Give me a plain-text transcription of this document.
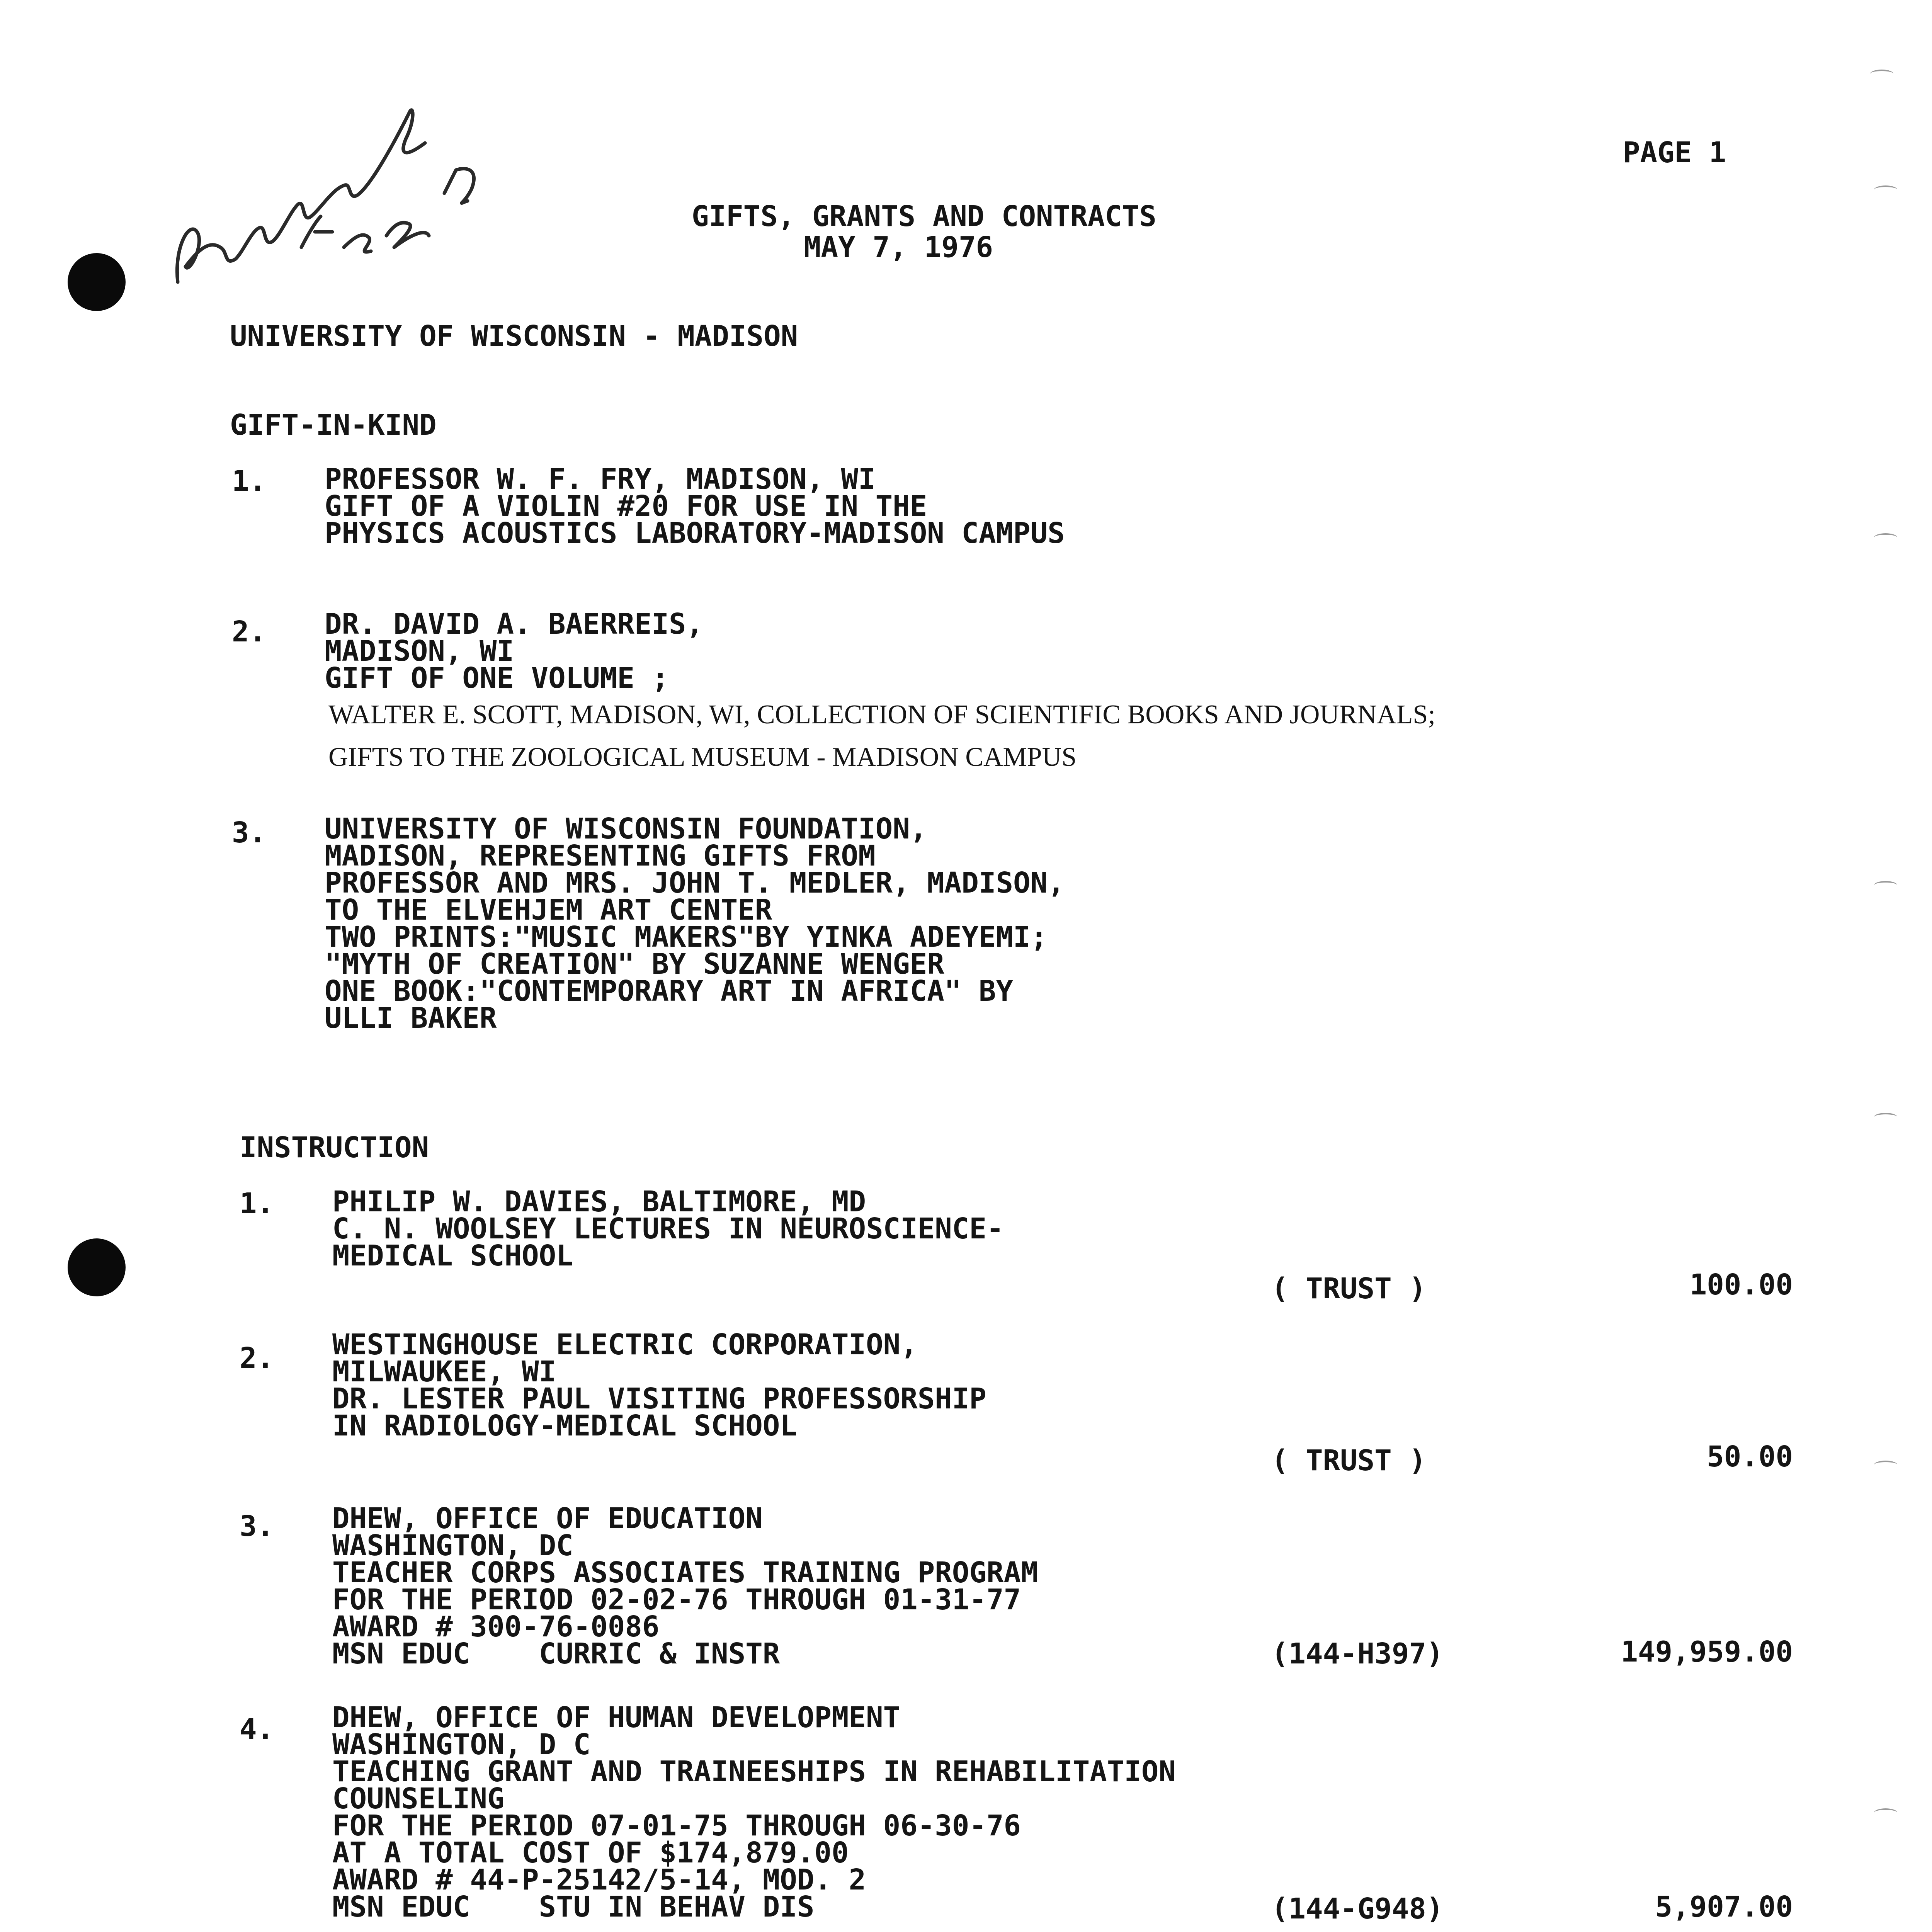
PAGE 1
GIFTS, GRANTS AND CONTRACTS
MAY 7, 1976
UNIVERSITY OF WISCONSIN - MADISON
GIFT-IN-KIND
1. PROFESSOR W. F. FRY, MADISON, WI
GIFT OF A VIOLIN #20 FOR USE IN THE
PHYSICS ACOUSTICS LABORATORY-MADISON CAMPUS
2. DR. DAVID A. BAERREIS,
MADISON, WI
GIFT OF ONE VOLUME ;
WALTER E. SCOTT, MADISON, WI, COLLECTION OF SCIENTIFIC BOOKS AND JOURNALS;
GIFTS TO THE ZOOLOGICAL MUSEUM - MADISON CAMPUS
3. UNIVERSITY OF WISCONSIN FOUNDATION,
MADISON, REPRESENTING GIFTS FROM
PROFESSOR AND MRS. JOHN T. MEDLER, MADISON,
TO THE ELVEHJEM ART CENTER
TWO PRINTS:"MUSIC MAKERS"BY YINKA ADEYEMI;
"MYTH OF CREATION" BY SUZANNE WENGER
ONE BOOK:"CONTEMPORARY ART IN AFRICA" BY
ULLI BAKER
INSTRUCTION
1. PHILIP W. DAVIES, BALTIMORE, MD
C. N. WOOLSEY LECTURES IN NEUROSCIENCE-
MEDICAL SCHOOL
( TRUST )	100.00
2. WESTINGHOUSE ELECTRIC CORPORATION,
MILWAUKEE, WI
DR. LESTER PAUL VISITING PROFESSORSHIP
IN RADIOLOGY-MEDICAL SCHOOL
( TRUST )	50.00
3. DHEW, OFFICE OF EDUCATION
WASHINGTON, DC
TEACHER CORPS ASSOCIATES TRAINING PROGRAM
FOR THE PERIOD 02-02-76 THROUGH 01-31-77
AWARD # 300-76-0086
MSN EDUC    CURRIC & INSTR	(144-H397)	149,959.00
4. DHEW, OFFICE OF HUMAN DEVELOPMENT
WASHINGTON, D C
TEACHING GRANT AND TRAINEESHIPS IN REHABILITATION
COUNSELING
FOR THE PERIOD 07-01-75 THROUGH 06-30-76
AT A TOTAL COST OF $174,879.00
AWARD # 44-P-25142/5-14, MOD. 2
MSN EDUC    STU IN BEHAV DIS	(144-G948)	5,907.00
